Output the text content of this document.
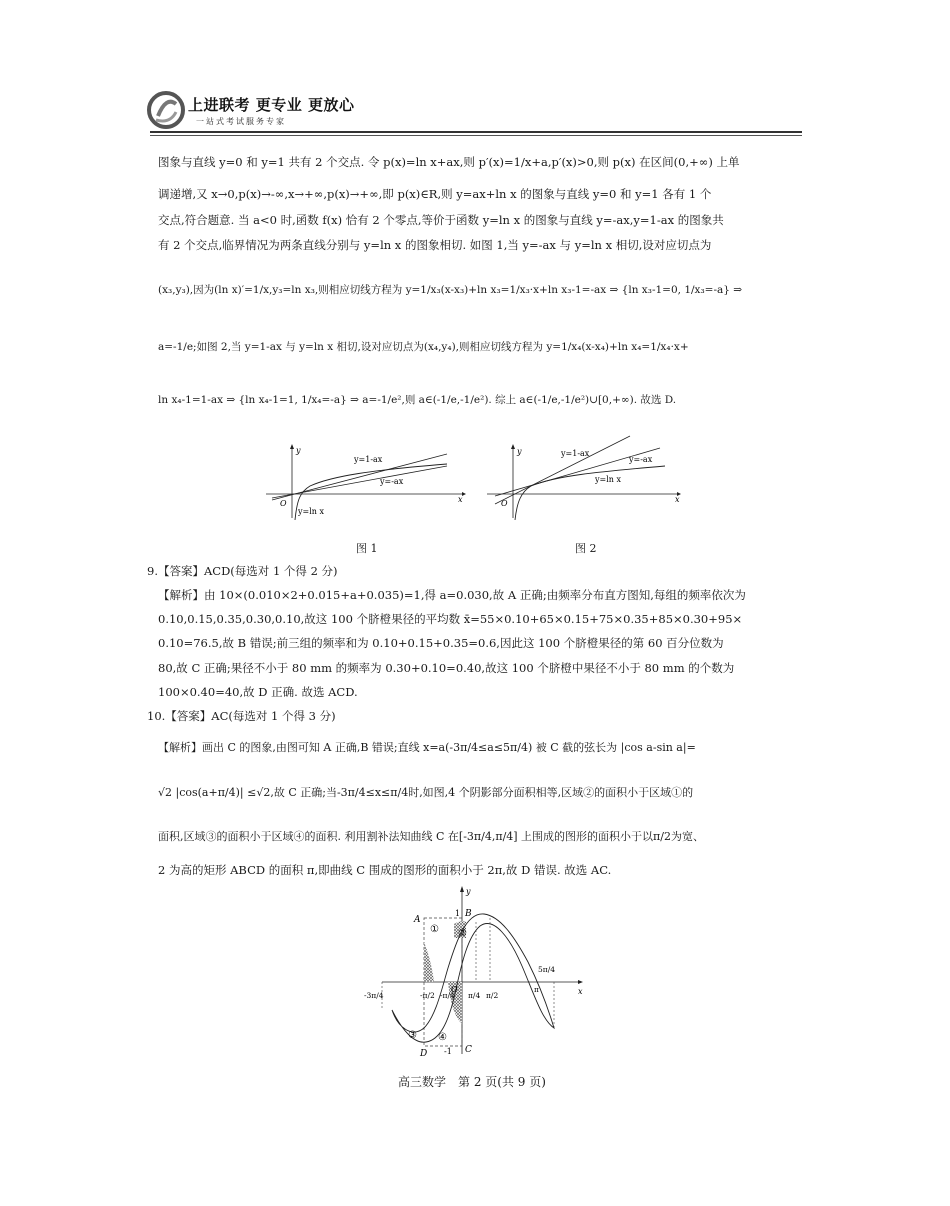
上进联考 更专业 更放心
一站式考试服务专家
图象与直线 y=0 和 y=1 共有 2 个交点. 令 p(x)=ln x+ax,则 p′(x)=1/x+a,p′(x)>0,则 p(x) 在区间(0,+∞) 上单
调递增,又 x→0,p(x)→-∞,x→+∞,p(x)→+∞,即 p(x)∈R,则 y=ax+ln x 的图象与直线 y=0 和 y=1 各有 1 个
交点,符合题意. 当 a<0 时,函数 f(x) 恰有 2 个零点,等价于函数 y=ln x 的图象与直线 y=-ax,y=1-ax 的图象共
有 2 个交点,临界情况为两条直线分别与 y=ln x 的图象相切. 如图 1,当 y=-ax 与 y=ln x 相切,设对应切点为
(x₃,y₃),因为(ln x)′=1/x,y₃=ln x₃,则相应切线方程为 y=1/x₃(x-x₃)+ln x₃=1/x₃·x+ln x₃-1=-ax ⇒ {ln x₃-1=0, 1/x₃=-a} ⇒
a=-1/e;如图 2,当 y=1-ax 与 y=ln x 相切,设对应切点为(x₄,y₄),则相应切线方程为 y=1/x₄(x-x₄)+ln x₄=1/x₄·x+
ln x₄-1=1-ax ⇒ {ln x₄-1=1, 1/x₄=-a} ⇒ a=-1/e²,则 a∈(-1/e,-1/e²). 综上 a∈(-1/e,-1/e²)∪[0,+∞). 故选 D.
y
x
O
y=1-ax
y=-ax
y=ln x
图 1
y
x
O
y=1-ax
y=-ax
y=ln x
图 2
9.【答案】ACD(每选对 1 个得 2 分)
【解析】由 10×(0.010×2+0.015+a+0.035)=1,得 a=0.030,故 A 正确;由频率分布直方图知,每组的频率依次为
0.10,0.15,0.35,0.30,0.10,故这 100 个脐橙果径的平均数 x̄=55×0.10+65×0.15+75×0.35+85×0.30+95×
0.10=76.5,故 B 错误;前三组的频率和为 0.10+0.15+0.35=0.6,因此这 100 个脐橙果径的第 60 百分位数为
80,故 C 正确;果径不小于 80 mm 的频率为 0.30+0.10=0.40,故这 100 个脐橙中果径不小于 80 mm 的个数为
100×0.40=40,故 D 正确. 故选 ACD.
10.【答案】AC(每选对 1 个得 3 分)
【解析】画出 C 的图象,由图可知 A 正确,B 错误;直线 x=a(-3π/4≤a≤5π/4) 被 C 截的弦长为 |cos a-sin a|=
√2 |cos(a+π/4)| ≤√2,故 C 正确;当-3π/4≤x≤π/4时,如图,4 个阴影部分面积相等,区域②的面积小于区域①的
面积,区域③的面积小于区域④的面积. 利用割补法知曲线 C 在[-3π/4,π/4] 上围成的图形的面积小于以π/2为宽、
2 为高的矩形 ABCD 的面积 π,即曲线 C 围成的图形的面积小于 2π,故 D 错误. 故选 AC.
y
x
A
B
C
D
O
1
-1
① ②
③ ④
-3π/4	-π/2 -π/4 π/4 π/2
π
5π/4
高三数学　第 2 页(共 9 页)
